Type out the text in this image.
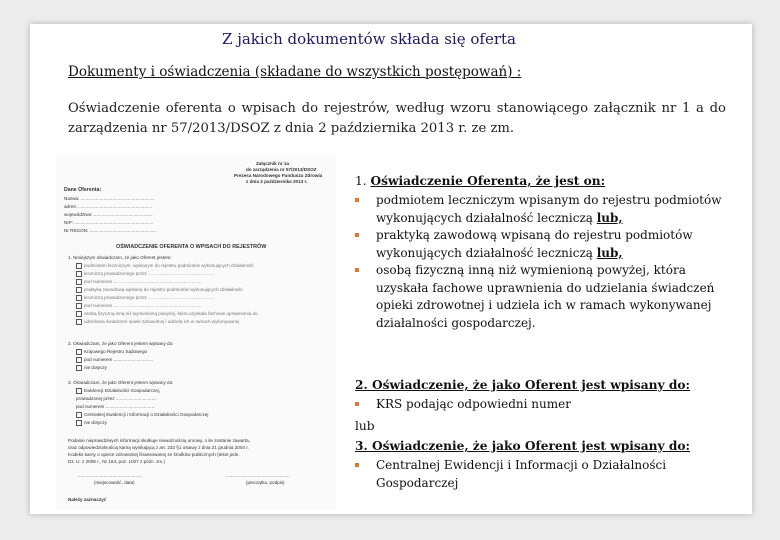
Z jakich dokumentów składa się oferta
Dokumenty i oświadczenia (składane do wszystkich postępowań) :
Oświadczenie oferenta o wpisach do rejestrów, według wzoru stanowiącego załącznik nr 1 a do zarządzenia nr 57/2013/DSOZ z dnia 2 października 2013 r. ze zm.
Załącznik nr 1a
do zarządzenia nr 57/2013/DSOZ
Prezesa Narodowego Funduszu Zdrowia
z dnia 2 października 2013 r.
Dane Oferenta:
Nazwa: ..........................................................
adres: ..........................................................
województwo: ..............................................
NIP: ..............................................................
Nr REGON: ....................................................
OŚWIADCZENIE OFERENTA O WPISACH DO REJESTRÓW
1. Niniejszym oświadczam, że jako Oferent jestem:
podmiotem leczniczym, wpisanym do rejestru podmiotów wykonujących działalność
leczniczą prowadzonego przez ....................................................
pod numerem .....................................................................
praktyką zawodową wpisaną do rejestru podmiotów wykonujących działalność
leczniczą prowadzonego przez ....................................................
pod numerem .....................................................................
osobą fizyczną inną niż wymienioną powyżej, która uzyskała fachowe uprawnienia do
udzielania świadczeń opieki zdrowotnej i udziela ich w ramach wykonywanej
2. Oświadczam, że jako Oferent jestem wpisany do:
Krajowego Rejestru Sądowego
pod numerem ...............................
nie dotyczy
3. Oświadczam, że jako Oferent jestem wpisany do:
Ewidencji Działalności Gospodarczej,
prowadzonej przez ................................
pod numerem ......................................
Centralnej Ewidencji i Informacji o Działalności Gospodarczej
nie dotyczy
Podanie nieprawdziwych informacji skutkuje nieważnością umowy, o ile zostanie zawarta,
oraz odpowiedzialnością karną wynikającą z art. 233 §1 ustawy z dnia 21 grudnia 2004 r.
Kodeks karny o opiece zdrowotnej finansowanej ze środków publicznych (tekst jedn.
Dz. U. z 2008 r., Nr 164, poz. 1027 z późn. zm.)
..................................................	..................................................
(miejscowość, data)	(pieczątka, podpis)
Należy zaznaczyć
1. Oświadczenie Oferenta, że jest on:
podmiotem leczniczym wpisanym do rejestru podmiotów wykonujących działalność leczniczą lub,
praktyką zawodową wpisaną do rejestru podmiotów wykonujących działalność leczniczą lub,
osobą fizyczną inną niż wymienioną powyżej, która uzyskała fachowe uprawnienia do udzielania świadczeń opieki zdrowotnej i udziela ich w ramach wykonywanej działalności gospodarczej.
2. Oświadczenie, że jako Oferent jest wpisany do:
KRS podając odpowiedni numer
lub
3. Oświadczenie, że jako Oferent jest wpisany do:
Centralnej Ewidencji i Informacji o Działalności Gospodarczej
